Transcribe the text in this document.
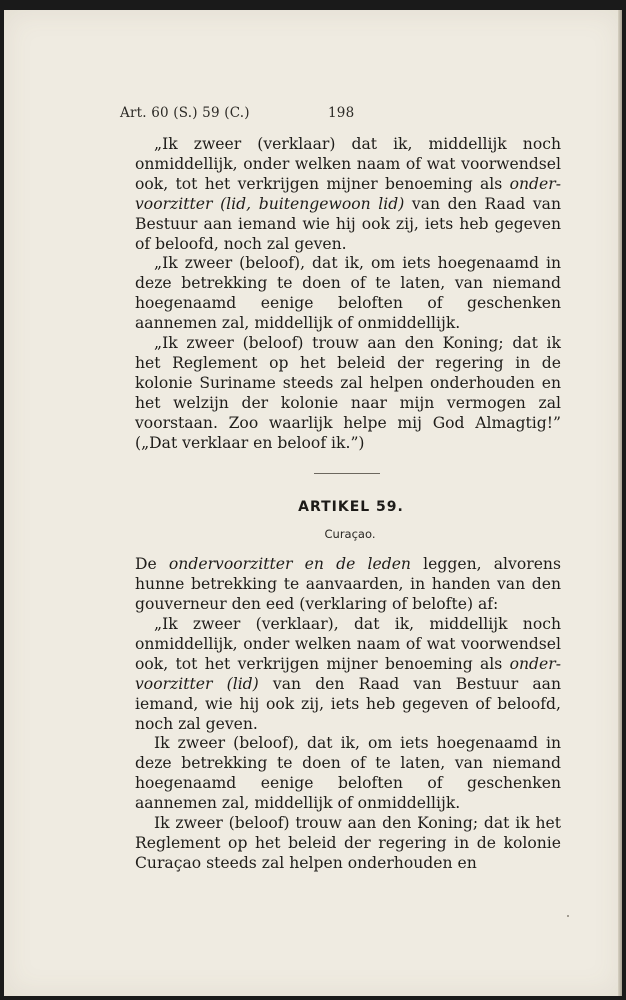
Art. 60 (S.) 59 (C.)	198

„Ik zweer (verklaar) dat ik, middellijk noch onmiddellijk, onder welken naam of wat voorwendsel ook, tot het verkrijgen mijner benoeming als onder-voorzitter (lid, buitengewoon lid) van den Raad van Bestuur aan iemand wie hij ook zij, iets heb gegeven of beloofd, noch zal geven.

„Ik zweer (beloof), dat ik, om iets hoegenaamd in deze betrekking te doen of te laten, van niemand hoegenaamd eenige beloften of geschenken aannemen zal, middellijk of onmiddellijk.

„Ik zweer (beloof) trouw aan den Koning; dat ik het Reglement op het beleid der regering in de kolonie Suriname steeds zal helpen onderhouden en het welzijn der kolonie naar mijn vermogen zal voorstaan. Zoo waarlijk helpe mij God Almagtig!” („Dat verklaar en beloof ik.”)

ARTIKEL 59.
Curaçao.

De ondervoorzitter en de leden leggen, alvorens hunne betrekking te aanvaarden, in handen van den gouverneur den eed (verklaring of belofte) af:

„Ik zweer (verklaar), dat ik, middellijk noch onmiddellijk, onder welken naam of wat voorwendsel ook, tot het verkrijgen mijner benoeming als onder-voorzitter (lid) van den Raad van Bestuur aan iemand, wie hij ook zij, iets heb gegeven of beloofd, noch zal geven.

Ik zweer (beloof), dat ik, om iets hoegenaamd in deze betrekking te doen of te laten, van niemand hoegenaamd eenige beloften of geschenken aannemen zal, middellijk of onmiddellijk.

Ik zweer (beloof) trouw aan den Koning; dat ik het Reglement op het beleid der regering in de kolonie Curaçao steeds zal helpen onderhouden en
